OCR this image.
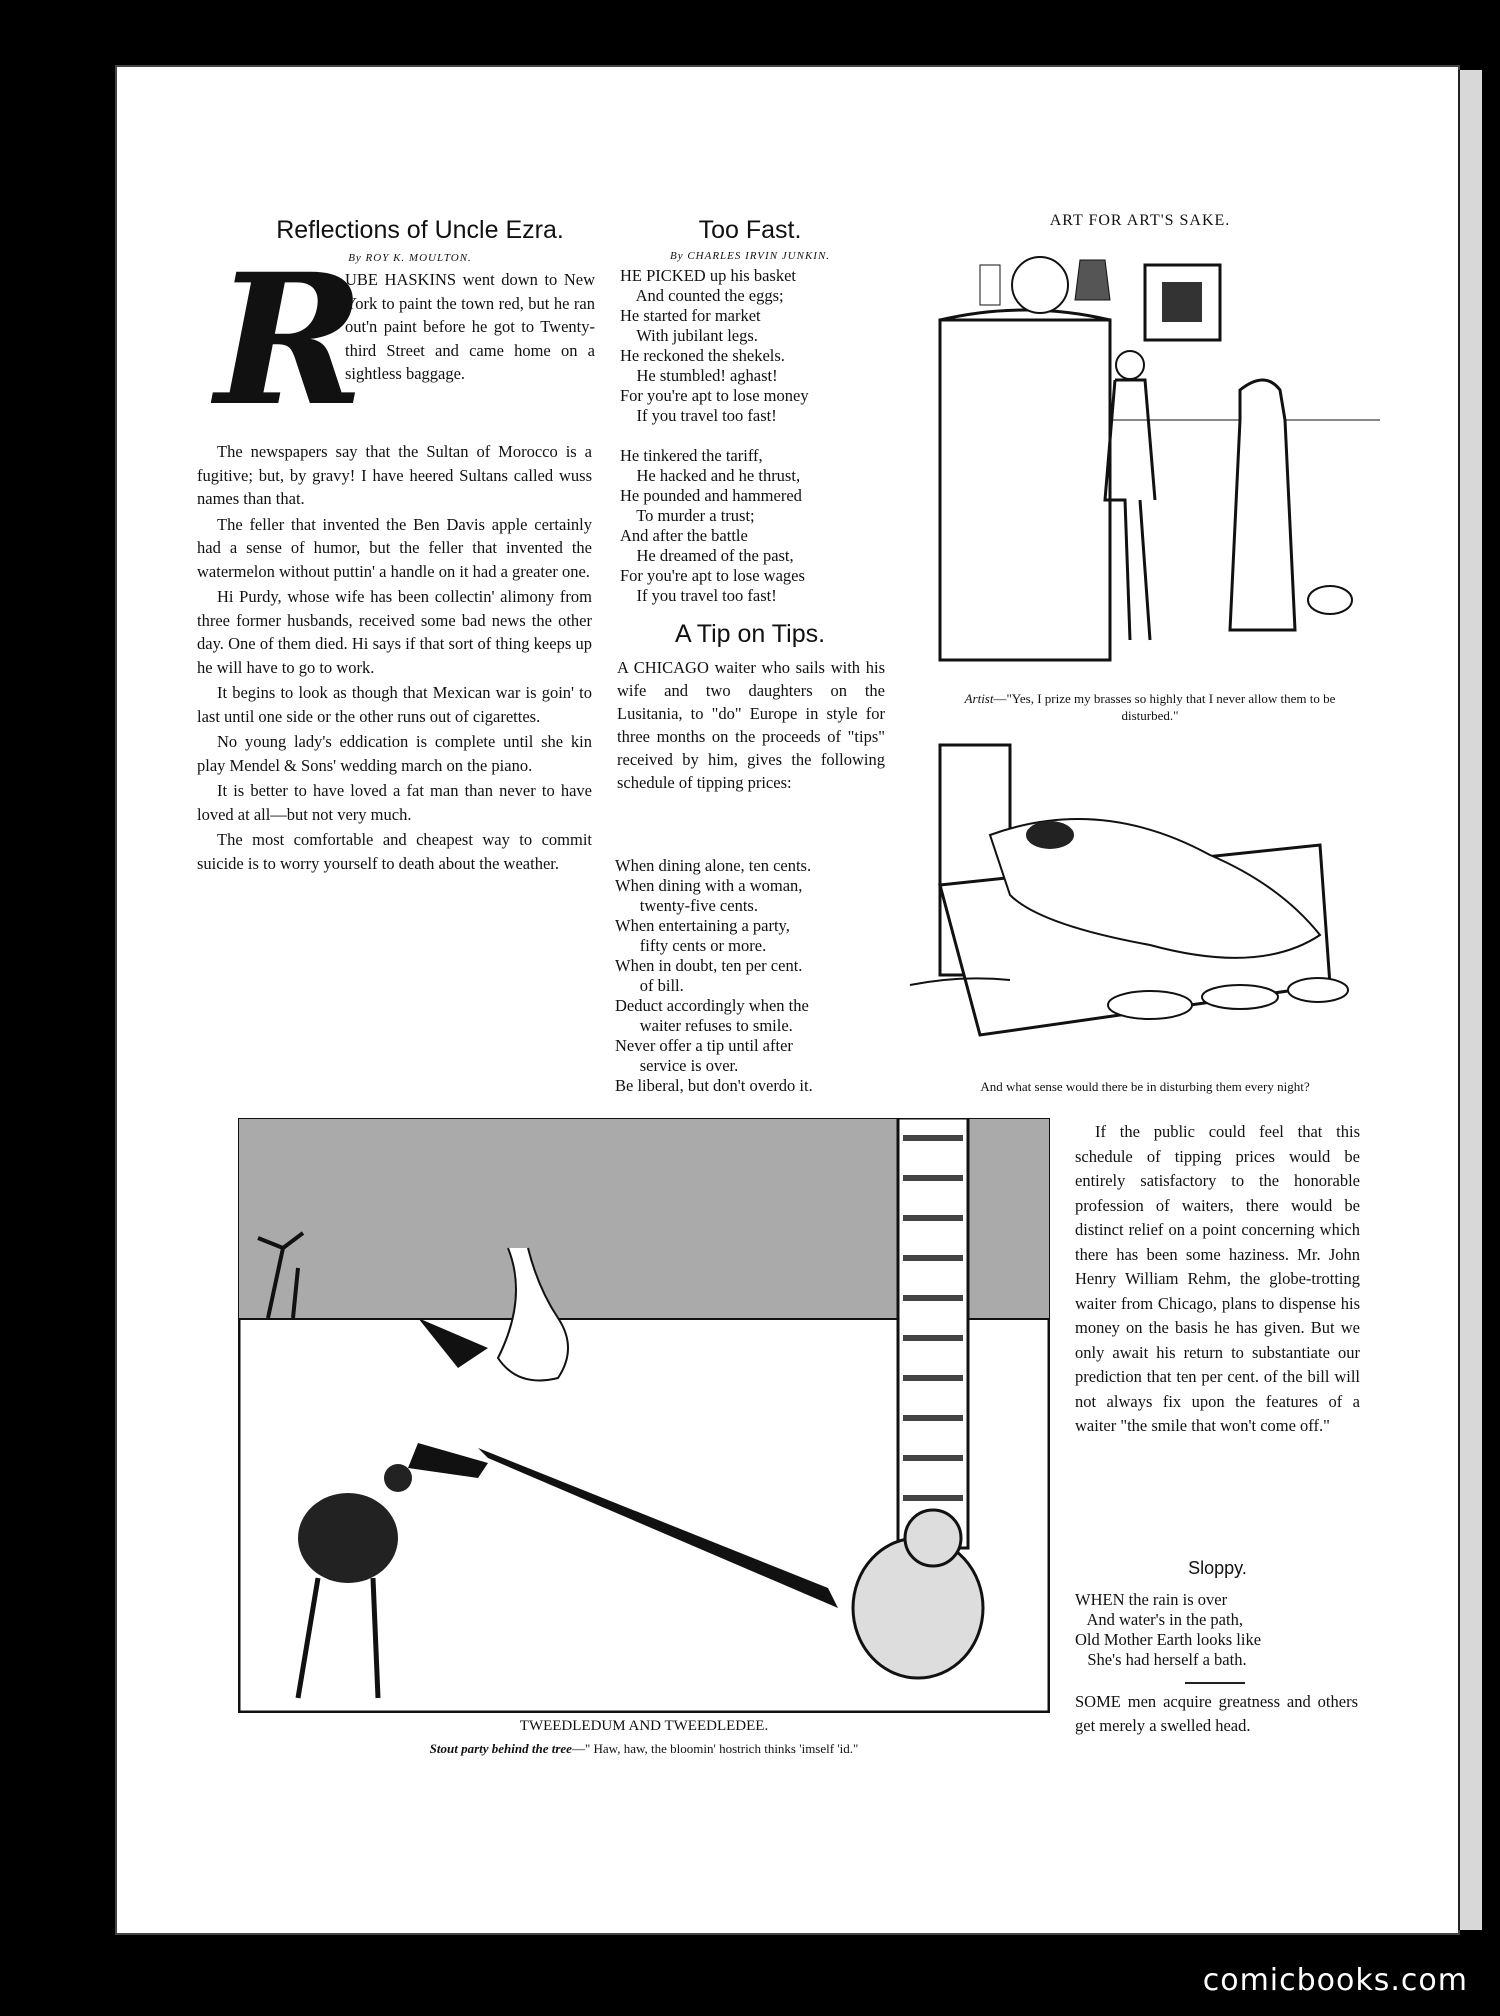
Reflections of Uncle Ezra.
By ROY K. MOULTON.
R
UBE HASKINS went down to New York to paint the town red, but he ran out'n paint before he got to Twenty-third Street and came home on a sightless baggage.

The newspapers say that the Sultan of Morocco is a fugitive; but, by gravy! I have heered Sultans called wuss names than that.

The feller that invented the Ben Davis apple certainly had a sense of humor, but the feller that invented the watermelon without puttin' a handle on it had a greater one.

Hi Purdy, whose wife has been collectin' alimony from three former husbands, received some bad news the other day. One of them died. Hi says if that sort of thing keeps up he will have to go to work.

It begins to look as though that Mexican war is goin' to last until one side or the other runs out of cigarettes.

No young lady's eddication is complete until she kin play Mendel & Sons' wedding march on the piano.

It is better to have loved a fat man than never to have loved at all—but not very much.

The most comfortable and cheapest way to commit suicide is to worry yourself to death about the weather.

Too Fast.
By CHARLES IRVIN JUNKIN.
HE PICKED up his basket
And counted the eggs;
He started for market
With jubilant legs.
He reckoned the shekels.
He stumbled! aghast!
For you're apt to lose money
If you travel too fast!

He tinkered the tariff,
He hacked and he thrust,
He pounded and hammered
To murder a trust;
And after the battle
He dreamed of the past,
For you're apt to lose wages
If you travel too fast!
A Tip on Tips.
A CHICAGO waiter who sails with his wife and two daughters on the Lusitania, to "do" Europe in style for three months on the proceeds of "tips" received by him, gives the following schedule of tipping prices:
When dining alone, ten cents.
When dining with a woman,
twenty-five cents.
When entertaining a party,
fifty cents or more.
When in doubt, ten per cent.
of bill.
Deduct accordingly when the
waiter refuses to smile.
Never offer a tip until after
service is over.
Be liberal, but don't overdo it.
ART FOR ART'S SAKE.
Artist—"Yes, I prize my brasses so highly that I never allow them to be disturbed."
And what sense would there be in disturbing them every night?
TWEEDLEDUM AND TWEEDLEDEE.
Stout party behind the tree—" Haw, haw, the bloomin' hostrich thinks 'imself 'id."
If the public could feel that this schedule of tipping prices would be entirely satisfactory to the honorable profession of waiters, there would be distinct relief on a point concerning which there has been some haziness. Mr. John Henry William Rehm, the globe-trotting waiter from Chicago, plans to dispense his money on the basis he has given. But we only await his return to substantiate our prediction that ten per cent. of the bill will not always fix upon the features of a waiter "the smile that won't come off."
Sloppy.
WHEN the rain is over
And water's in the path,
Old Mother Earth looks like
She's had herself a bath.
SOME men acquire greatness and others get merely a swelled head.
comicbooks.com
